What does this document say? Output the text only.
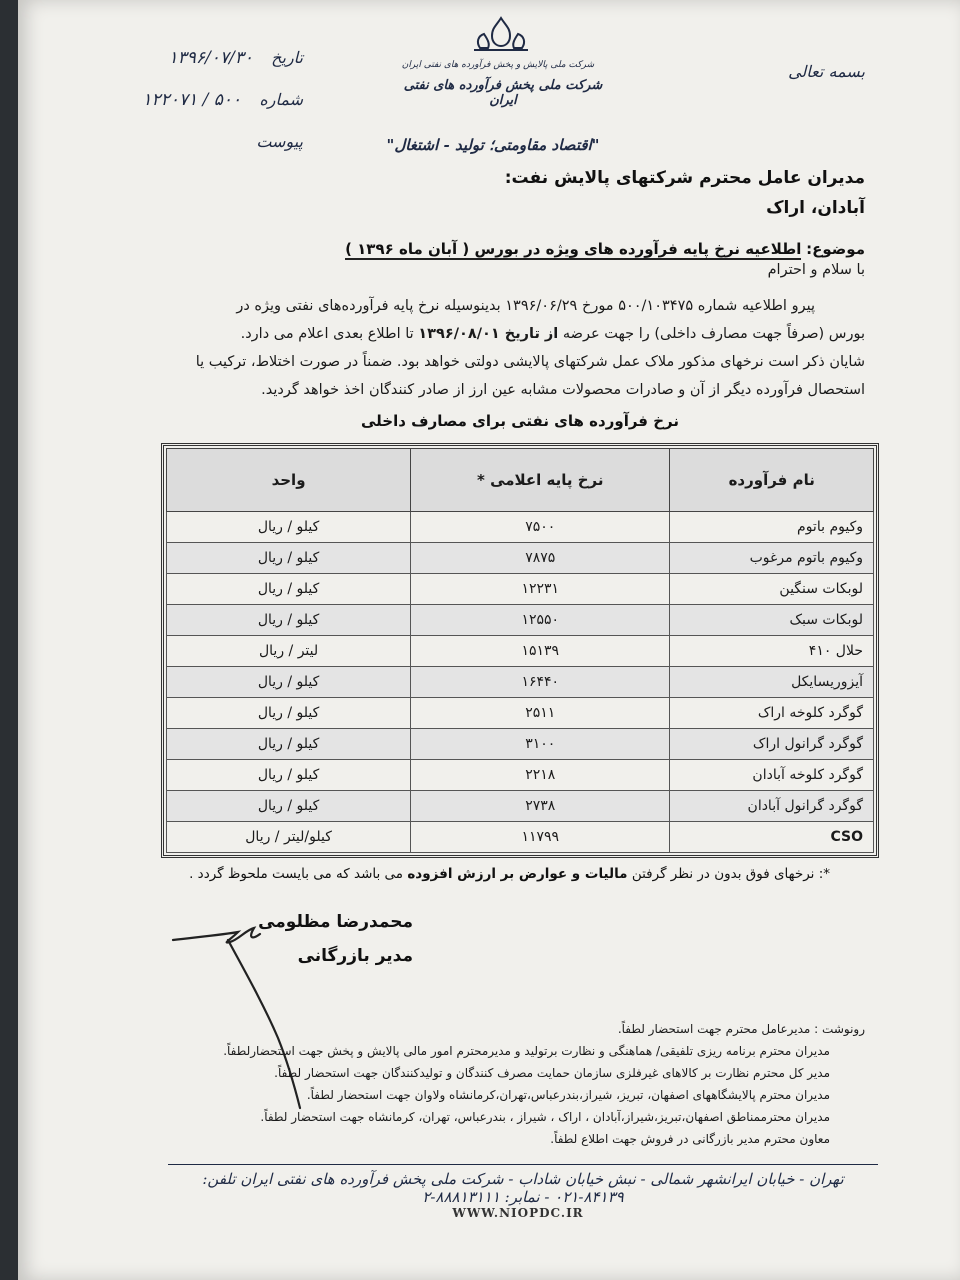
بسمه تعالی
شرکت ملی پالایش و پخش فرآورده های نفتی ایران
شرکت ملی پخش فرآورده های نفتی ایران
"اقتصاد مقاومتی؛ تولید - اشتغال"
تاریخ  ۱۳۹۶/۰۷/۳۰
شماره  ۵۰۰ / ۱۲۲۰۷۱
پیوست
مدیران عامل محترم شرکتهای پالایش نفت:
آبادان، اراک
موضوع: اطلاعیه نرخ پایه فرآورده های ویژه در بورس ( آبان ماه ۱۳۹۶ )
با سلام و احترام
پیرو اطلاعیه شماره ۵۰۰/۱۰۳۴۷۵ مورخ ۱۳۹۶/۰۶/۲۹ بدینوسیله نرخ پایه فرآورده‌های نفتی ویژه در
بورس (صرفاً جهت مصارف داخلی) را جهت عرضه از تاریخ ۱۳۹۶/۰۸/۰۱ تا اطلاع بعدی اعلام می دارد.
شایان ذکر است نرخهای مذکور ملاک عمل شرکتهای پالایشی دولتی خواهد بود. ضمناً در صورت اختلاط، ترکیب یا
استحصال فرآورده دیگر از آن و صادرات محصولات مشابه عین ارز از صادر کنندگان اخذ خواهد گردید.
نرخ فرآورده های نفتی برای مصارف داخلی
نام فرآورده	نرخ پایه اعلامی *	واحد
وکیوم باتوم	۷۵۰۰	کیلو / ریال
وکیوم باتوم مرغوب	۷۸۷۵	کیلو / ریال
لوبکات سنگین	۱۲۲۳۱	کیلو / ریال
لوبکات سبک	۱۲۵۵۰	کیلو / ریال
حلال ۴۱۰	۱۵۱۳۹	لیتر / ریال
آیزوریسایکل	۱۶۴۴۰	کیلو / ریال
گوگرد کلوخه اراک	۲۵۱۱	کیلو / ریال
گوگرد گرانول اراک	۳۱۰۰	کیلو / ریال
گوگرد کلوخه آبادان	۲۲۱۸	کیلو / ریال
گوگرد گرانول آبادان	۲۷۳۸	کیلو / ریال
CSO	۱۱۷۹۹	کیلو/لیتر / ریال
*: نرخهای فوق بدون در نظر گرفتن مالیات و عوارض بر ارزش افزوده می باشد که می بایست ملحوظ گردد .
محمدرضا مظلومی
مدیر بازرگانی
رونوشت : مدیرعامل محترم جهت استحضار لطفاً.
مدیران محترم برنامه ریزی تلفیقی/ هماهنگی و نظارت برتولید و مدیرمحترم امور مالی پالایش و پخش جهت استحضارلطفاً.
مدیر کل محترم نظارت بر کالاهای غیرفلزی سازمان حمایت مصرف کنندگان و تولیدکنندگان جهت استحضار لطفاً.
مدیران محترم پالایشگاههای اصفهان، تبریز، شیراز،بندرعباس،تهران،کرمانشاه ولاوان جهت استحضار لطفاً.
مدیران محترممناطق اصفهان،تبریز،شیراز،آبادان ، اراک ، شیراز ، بندرعباس، تهران، کرمانشاه جهت استحضار لطفاً.
معاون محترم مدیر بازرگانی در فروش جهت اطلاع لطفاً.
تهران - خیابان ایرانشهر شمالی - نبش خیابان شاداب - شرکت ملی پخش فرآورده های نفتی ایران تلفن: ۸۴۱۳۹-۰۲۱ - نمابر: ۸۸۸۱۳۱۱۱-۲
WWW.NIOPDC.IR
